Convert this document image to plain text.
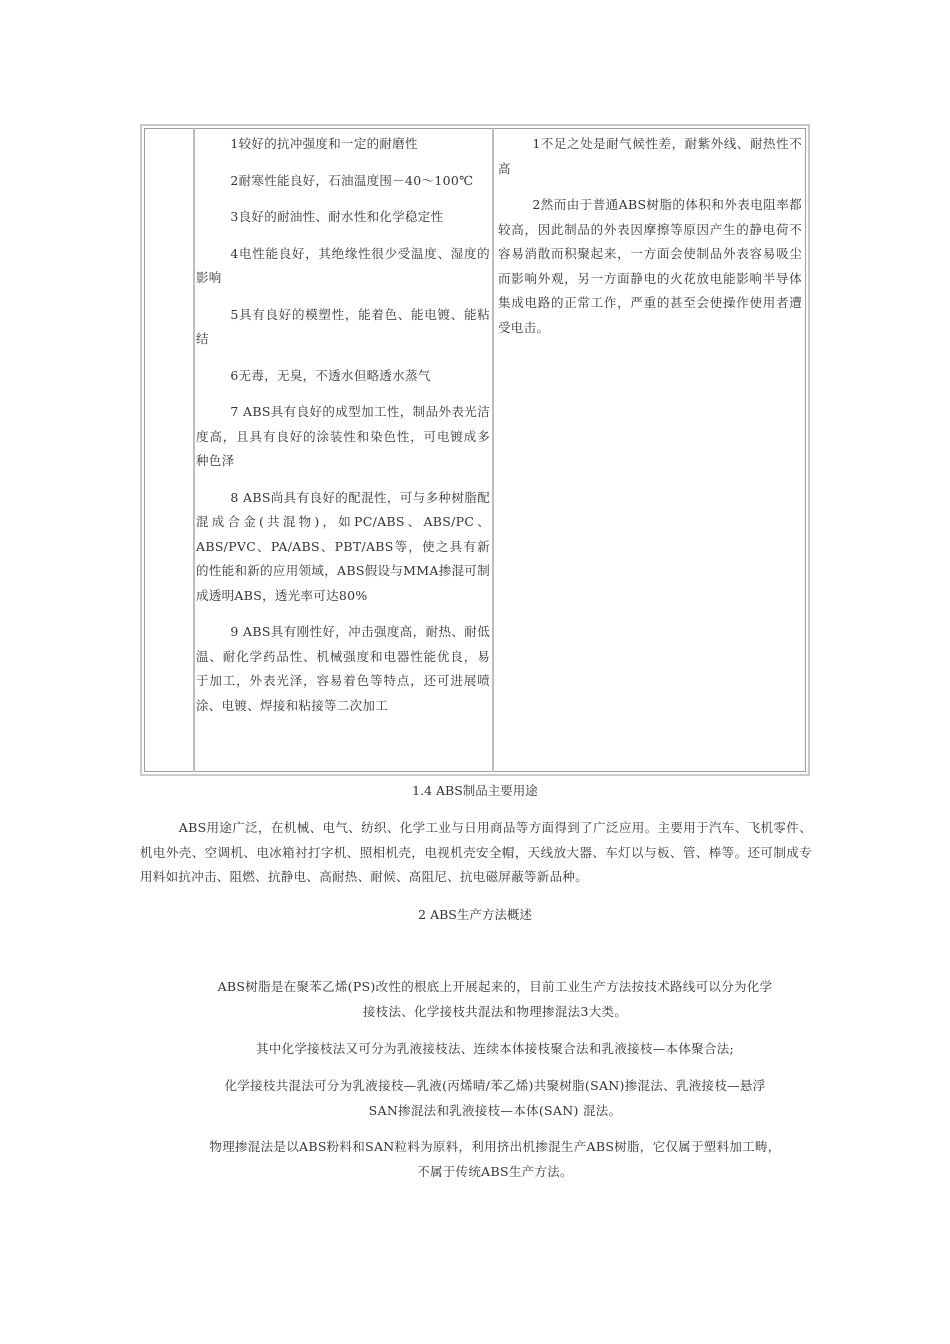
1较好的抗冲强度和一定的耐磨性

2耐寒性能良好，石油温度围－40～100℃

3良好的耐油性、耐水性和化学稳定性

4电性能良好，其绝缘性很少受温度、湿度的影响

5具有良好的模塑性，能着色、能电镀、能粘结

6无毒，无臭，不透水但略透水蒸气

7 ABS具有良好的成型加工性，制品外表光洁度高，且具有良好的涂装性和染色性，可电镀成多种色泽

8 ABS尚具有良好的配混性，可与多种树脂配混成合金(共混物)，如PC/ABS、ABS/PC、ABS/PVC、PA/ABS、PBT/ABS等，使之具有新的性能和新的应用领域，ABS假设与MMA掺混可制成透明ABS，透光率可达80%

9 ABS具有刚性好，冲击强度高，耐热、耐低温、耐化学药品性、机械强度和电器性能优良，易于加工，外表光泽，容易着色等特点，还可进展喷涂、电镀、焊接和粘接等二次加工

1不足之处是耐气候性差，耐紫外线、耐热性不高

2然而由于普通ABS树脂的体积和外表电阻率都较高，因此制品的外表因摩擦等原因产生的静电荷不容易消散而积聚起来，一方面会使制品外表容易吸尘而影响外观，另一方面静电的火花放电能影响半导体集成电路的正常工作，严重的甚至会使操作使用者遭受电击。

1.4 ABS制品主要用途
ABS用途广泛，在机械、电气、纺织、化学工业与日用商品等方面得到了广泛应用。主要用于汽车、飞机零件、机电外壳、空调机、电冰箱衬打字机、照相机壳，电视机壳安全帽，天线放大器、车灯以与板、管、棒等。还可制成专用料如抗冲击、阻燃、抗静电、高耐热、耐候、高阻尼、抗电磁屏蔽等新品种。
2 ABS生产方法概述
ABS树脂是在聚苯乙烯(PS)改性的根底上开展起来的，目前工业生产方法按技术路线可以分为化学
接枝法、化学接枝共混法和物理掺混法3大类。
其中化学接枝法又可分为乳液接枝法、连续本体接枝聚合法和乳液接枝—本体聚合法;
化学接枝共混法可分为乳液接枝—乳液(丙烯晴/苯乙烯)共聚树脂(SAN)掺混法、乳液接枝—悬浮
SAN掺混法和乳液接枝—本体(SAN) 混法。
物理掺混法是以ABS粉料和SAN粒料为原料，利用挤出机掺混生产ABS树脂，它仅属于塑料加工畴，
不属于传统ABS生产方法。
